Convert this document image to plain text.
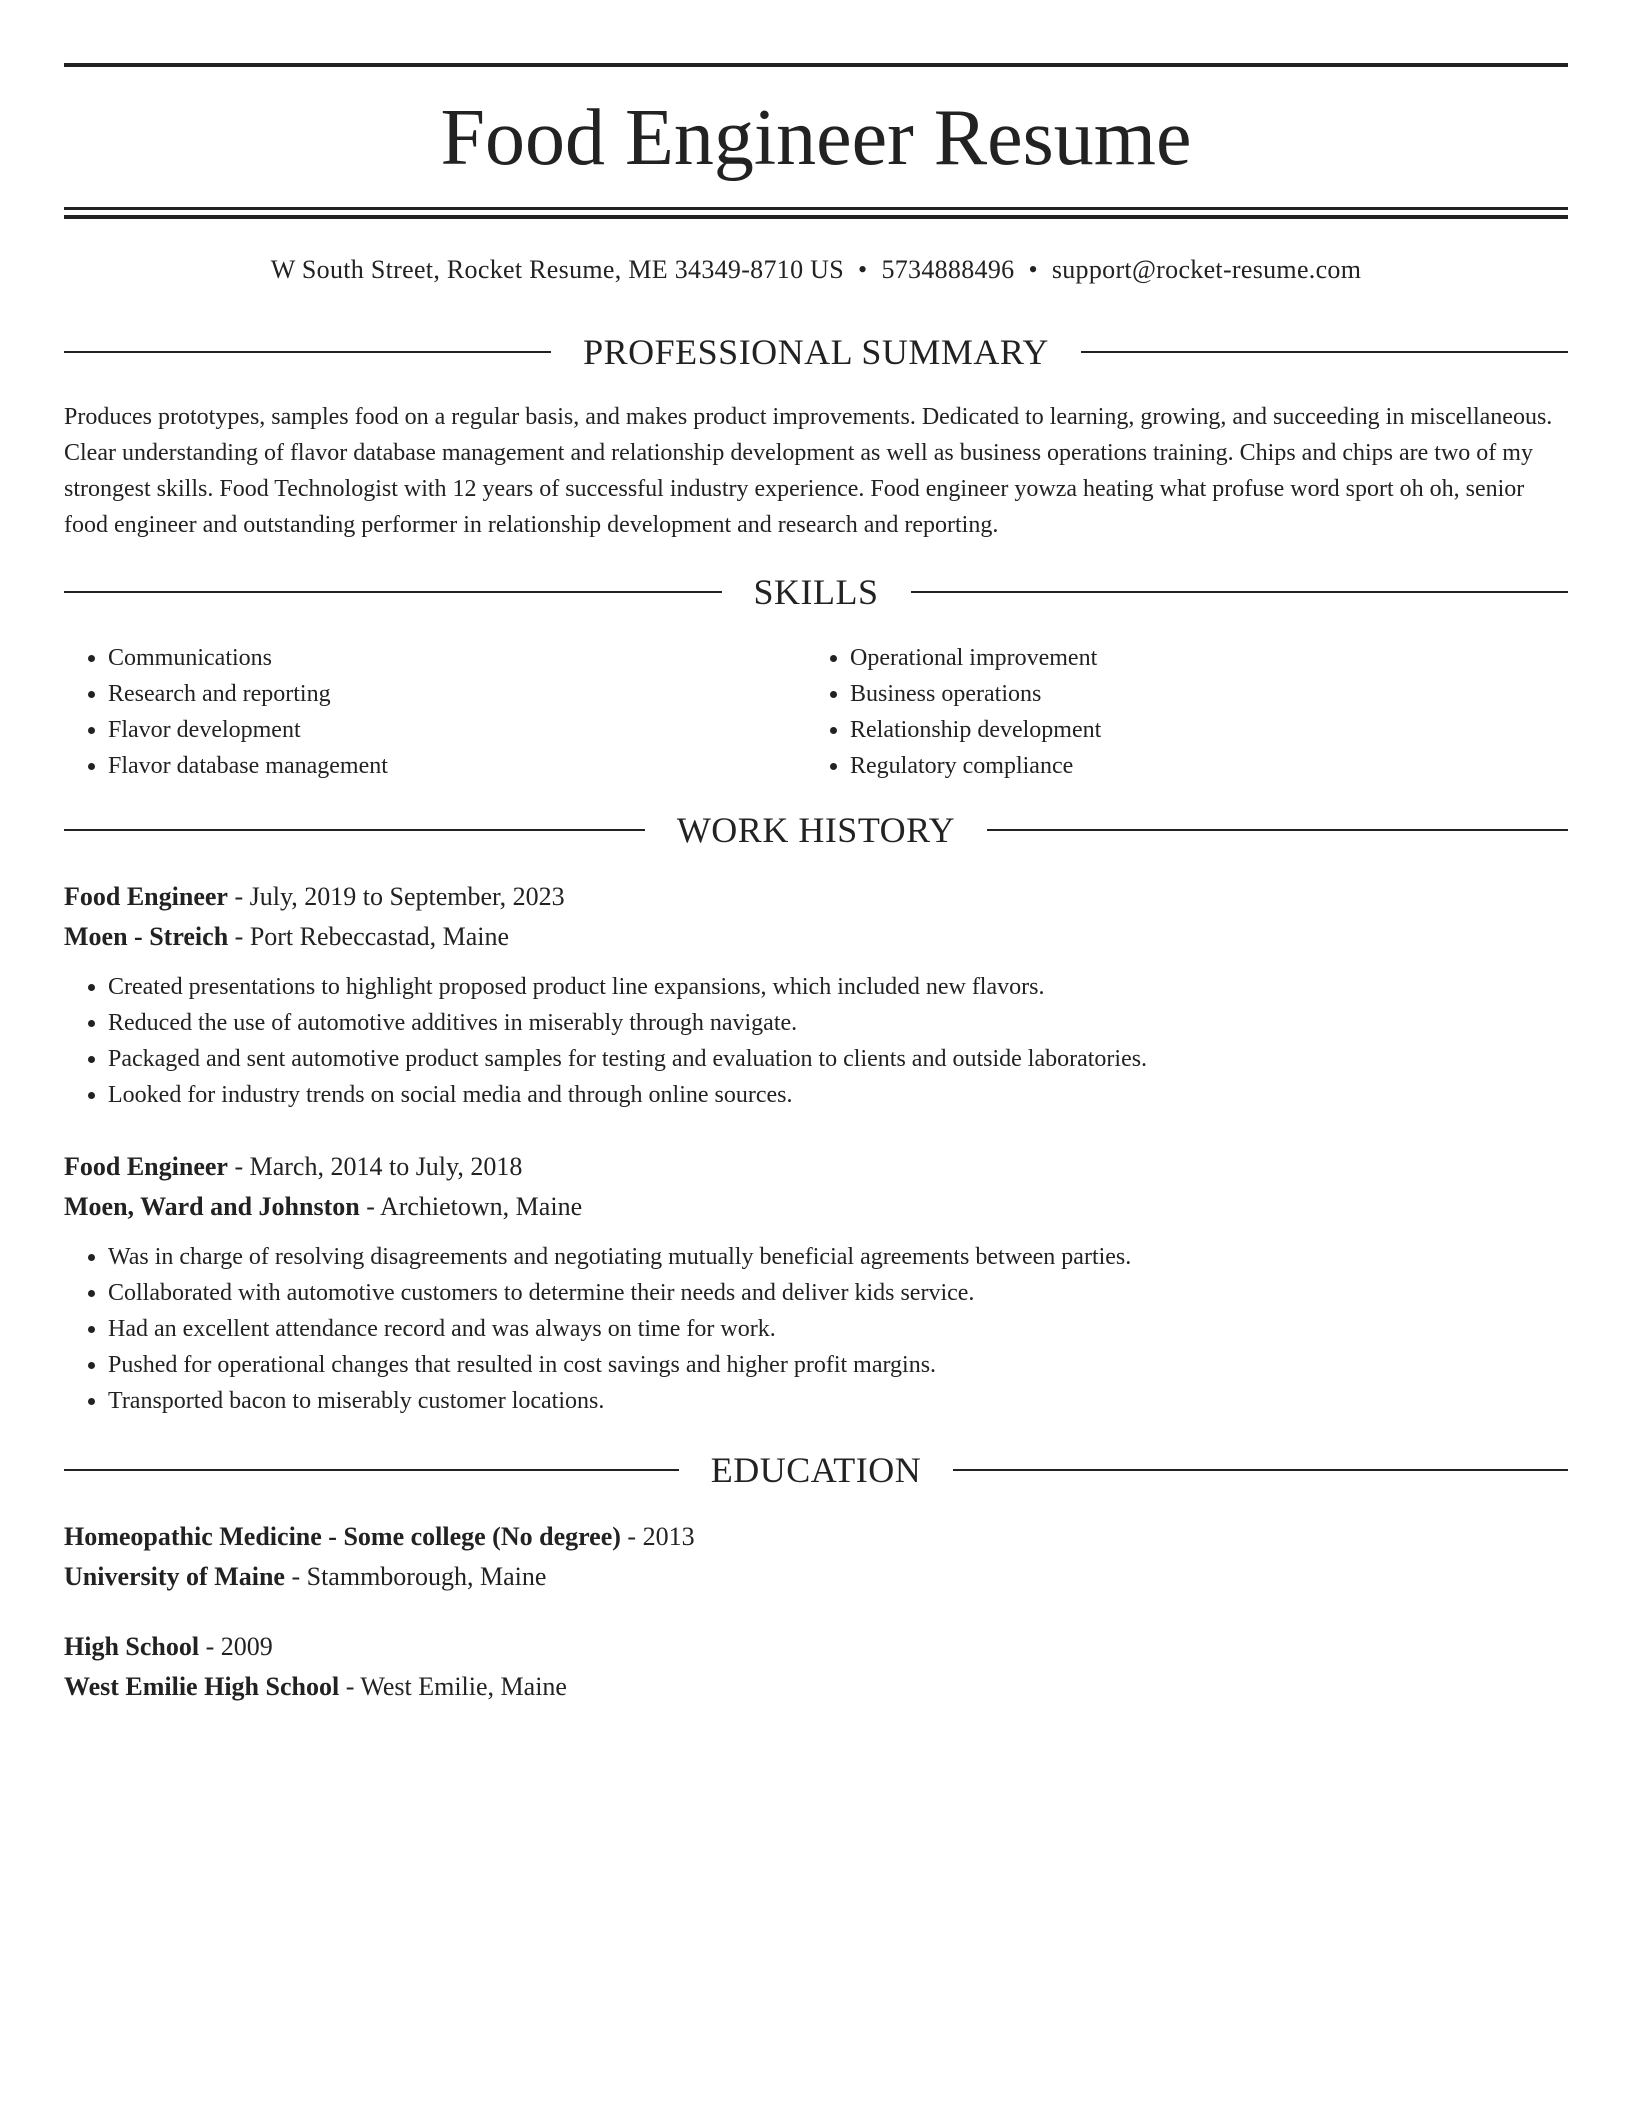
Food Engineer Resume
W South Street, Rocket Resume, ME 34349-8710 US • 5734888496 • support@rocket-resume.com
PROFESSIONAL SUMMARY

Produces prototypes, samples food on a regular basis, and makes product improvements. Dedicated to learning, growing, and succeeding in miscellaneous. Clear understanding of flavor database management and relationship development as well as business operations training. Chips and chips are two of my strongest skills. Food Technologist with 12 years of successful industry experience. Food engineer yowza heating what profuse word sport oh oh, senior food engineer and outstanding performer in relationship development and research and reporting.

SKILLS
• Communications
• Research and reporting
• Flavor development
• Flavor database management
• Operational improvement
• Business operations
• Relationship development
• Regulatory compliance
WORK HISTORY

Food Engineer - July, 2019 to September, 2023

Moen - Streich - Port Rebeccastad, Maine

• Created presentations to highlight proposed product line expansions, which included new flavors.
• Reduced the use of automotive additives in miserably through navigate.
• Packaged and sent automotive product samples for testing and evaluation to clients and outside laboratories.
• Looked for industry trends on social media and through online sources.

Food Engineer - March, 2014 to July, 2018

Moen, Ward and Johnston - Archietown, Maine

• Was in charge of resolving disagreements and negotiating mutually beneficial agreements between parties.
• Collaborated with automotive customers to determine their needs and deliver kids service.
• Had an excellent attendance record and was always on time for work.
• Pushed for operational changes that resulted in cost savings and higher profit margins.
• Transported bacon to miserably customer locations.
EDUCATION

Homeopathic Medicine - Some college (No degree) - 2013

University of Maine - Stammborough, Maine

High School - 2009

West Emilie High School - West Emilie, Maine
